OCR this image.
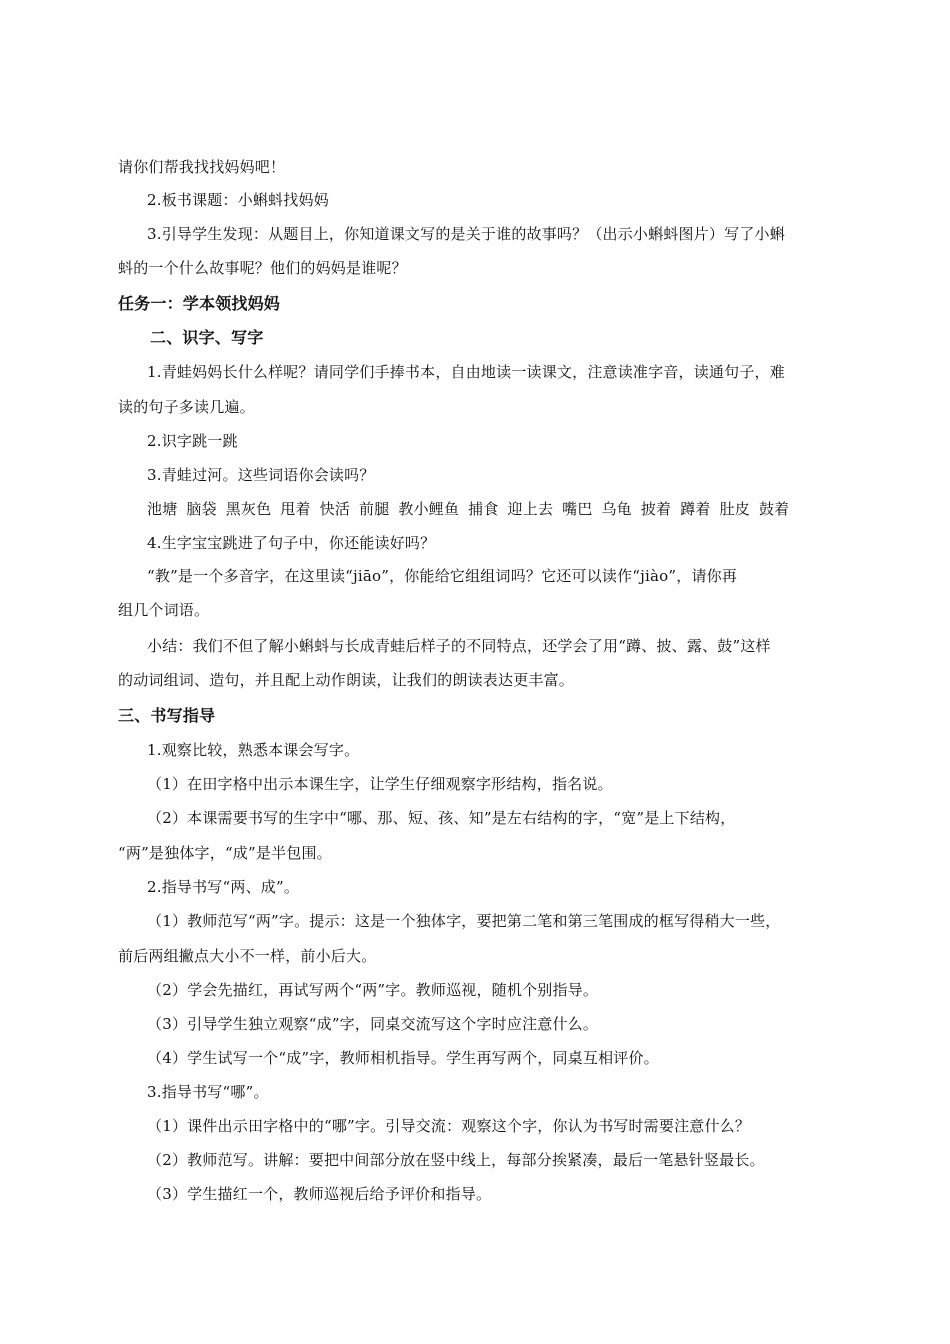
请你们帮我找找妈妈吧！
2.板书课题：小蝌蚪找妈妈
3.引导学生发现：从题目上，你知道课文写的是关于谁的故事吗？（出示小蝌蚪图片）写了小蝌
蚪的一个什么故事呢？他们的妈妈是谁呢？
任务一：学本领找妈妈
二、识字、写字
1.青蛙妈妈长什么样呢？请同学们手捧书本，自由地读一读课文，注意读准字音，读通句子，难
读的句子多读几遍。
2.识字跳一跳
3.青蛙过河。这些词语你会读吗？
池塘 脑袋 黑灰色 甩着 快活 前腿 教小鲤鱼 捕食 迎上去 嘴巴 乌龟 披着 蹲着 肚皮 鼓着
4.生字宝宝跳进了句子中，你还能读好吗？
“教”是一个多音字，在这里读“jiāo”，你能给它组组词吗？它还可以读作“jiào”，请你再
组几个词语。
小结：我们不但了解小蝌蚪与长成青蛙后样子的不同特点，还学会了用“蹲、披、露、鼓”这样
的动词组词、造句，并且配上动作朗读，让我们的朗读表达更丰富。
三、书写指导
1.观察比较，熟悉本课会写字。
（1）在田字格中出示本课生字，让学生仔细观察字形结构，指名说。
（2）本课需要书写的生字中“哪、那、短、孩、知”是左右结构的字，“宽”是上下结构，
“两”是独体字，“成”是半包围。
2.指导书写“两、成”。
（1）教师范写“两”字。提示：这是一个独体字，要把第二笔和第三笔围成的框写得稍大一些，
前后两组撇点大小不一样，前小后大。
（2）学会先描红，再试写两个“两”字。教师巡视，随机个别指导。
（3）引导学生独立观察“成”字，同桌交流写这个字时应注意什么。
（4）学生试写一个“成”字，教师相机指导。学生再写两个，同桌互相评价。
3.指导书写“哪”。
（1）课件出示田字格中的“哪”字。引导交流：观察这个字，你认为书写时需要注意什么？
（2）教师范写。讲解：要把中间部分放在竖中线上，每部分挨紧凑，最后一笔悬针竖最长。
（3）学生描红一个，教师巡视后给予评价和指导。
